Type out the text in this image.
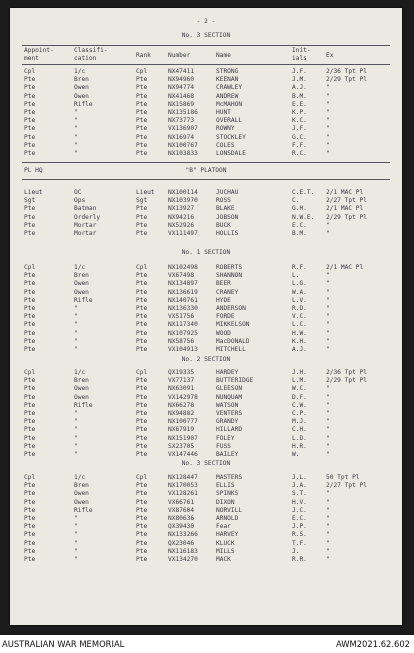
- 2 -
No. 3 SECTION
Appoint-
ment
Classifi-
cation	Rank	Number	Name
Init-
ials	Ex
Cpl	1/c	Cpl	NX47411	STRONG	J.F.	2/36 Tpt Pl
Pte	Bren	Pte	NX94960	KEENAN	J.M.	2/29 Tpt Pl
Pte	Owen	Pte	NX94774	CRAWLEY	A.J.	"
Pte	Owen	Pte	NX41468	ANDREW	B.M.	"
Pte	Rifle	Pte	NX15869	McMAHON	E.E.	"
Pte	"	Pte	NX135186	HUNT	K.P.	"
Pte	"	Pte	NX73773	OVERALL	K.C.	"
Pte	"	Pte	VX136907	ROWNY	J.F.	"
Pte	"	Pte	NX16974	STOCKLEY	G.C.	"
Pte	"	Pte	NX100767	COLES	F.F.	"
Pte	"	Pte	NX103833	LONSDALE	R.C.	"
PL HQ	"B" PLATOON
Lieut	OC	Lieut NX100114	JUCHAU	C.E.T. 2/1 MAC Pl
Sgt	Ops	Sgt	NX103970	ROSS	C.	2/27 Tpt Pl
Pte	Batman	Pte	NX13927	BLAKE	G.H.	2/1 MAC Pl
Pte	Orderly	Pte	NX94216	JOBSON	N.W.E. 2/29 Tpt Pl
Pte	Mortar	Pte	NX52926	BUCK	E.C.	"
Pte	Mortar	Pte	VX111497	HOLLIS	B.M.	"
No. 1 SECTION
Cpl	1/c	Cpl	NX102498	ROBERTS	R.F.	2/1 MAC Pl
Pte	Bren	Pte	VX67498	SHANNON	L.	"
Pte	Owen	Pte	NX134897	BEER	L.G.	"
Pte	Owen	Pte	NX136619	CRANEY	W.A.	"
Pte	Rifle	Pte	NX140761	HYDE	L.V.	"
Pte	"	Pte	NX136330	ANDERSON	R.D.	"
Pte	"	Pte	VX51756	FORDE	V.C.	"
Pte	"	Pte	NX117340	MIKKELSON	L.C.	"
Pte	"	Pte	NX107925	WOOD	H.W.	"
Pte	"	Pte	NX58756	MacDONALD	K.H.	"
Pte	"	Pte	VX104913	MITCHELL	A.J.	"
No. 2 SECTION
Cpl	1/c	Cpl	QX19335	HARDEY	J.H.	2/36 Tpt Pl
Pte	Bren	Pte	VX77137	BUTTERIDGE	L.M.	2/29 Tpt Pl
Pte	Owen	Pte	NX63091	GLEESON	W.C.	"
Pte	Owen	Pte	VX142978	NUNQUAM	D.F.	"
Pte	Rifle	Pte	NX66278	WATSON	C.W.	"
Pte	"	Pte	NX94882	VENTERS	C.P.	"
Pte	"	Pte	NX100777	GRANDY	M.J.	"
Pte	"	Pte	NX67919	HILLARD	C.H.	"
Pte	"	Pte	NX151907	FOLEY	L.D.	"
Pte	"	Pte	SX23705	FUSS	H.R.	"
Pte	"	Pte	VX147446	BAILEY	W.	"
No. 3 SECTION
Cpl	1/c	Cpl	NX128447	MASTERS	J.L.	50 Tpt Pl
Pte	Bren	Pte	NX170053	ELLIS	J.A.	2/27 Tpt Pl
Pte	Owen	Pte	VX128261	SPINKS	S.T.	"
Pte	Owen	Pte	VX66761	DIXON	H.V.	"
Pte	Rifle	Pte	VX87604	NORVILL	J.C.	"
Pte	"	Pte	NX80636	ARNOLD	E.C.	"
Pte	"	Pte	QX39430	Fear	J.P.	"
Pte	"	Pte	NX133266	HARVEY	R.S.	"
Pte	"	Pte	QX23046	KLUCK	T.F.	"
Pte	"	Pte	NX116183	MILLS	J.	"
Pte	"	Pte	VX134270	MACK	R.R.	"
AUSTRALIAN WAR MEMORIAL	AWM2021.62.602
